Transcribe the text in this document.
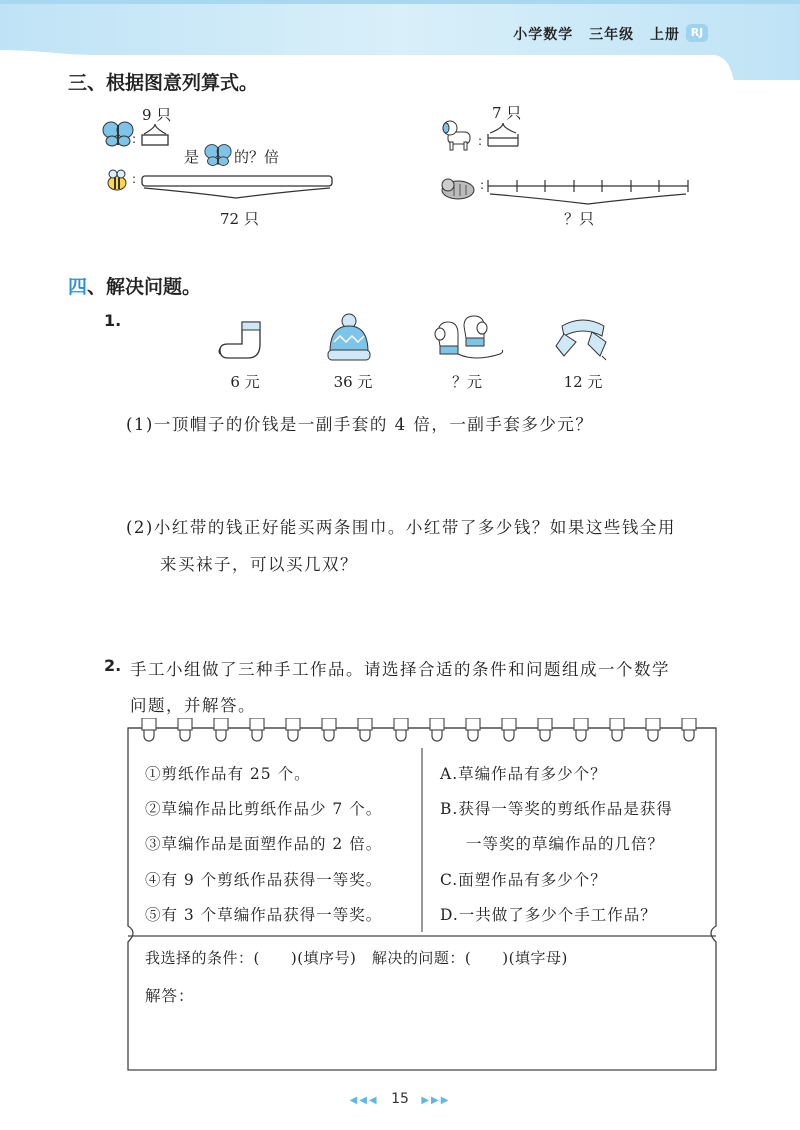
小学数学 三年级 上册 RJ
三、根据图意列算式。
:
9 只
是 的？倍
:
72 只
:
7 只
:
？只
四、解决问题。
1.
6 元	36 元	？元	12 元
(1)一顶帽子的价钱是一副手套的 4 倍，一副手套多少元？
(2)小红带的钱正好能买两条围巾。小红带了多少钱？如果这些钱全用
来买袜子，可以买几双？
2. 手工小组做了三种手工作品。请选择合适的条件和问题组成一个数学
问题，并解答。
①剪纸作品有 25 个。
②草编作品比剪纸作品少 7 个。
③草编作品是面塑作品的 2 倍。
④有 9 个剪纸作品获得一等奖。
⑤有 3 个草编作品获得一等奖。
A.草编作品有多少个？
B.获得一等奖的剪纸作品是获得
一等奖的草编作品的几倍？
C.面塑作品有多少个？
D.一共做了多少个手工作品？
我选择的条件：(　　)(填序号)　解决的问题：(　　)(填字母)
解答：
◀◀◀ 15 ▶▶▶
